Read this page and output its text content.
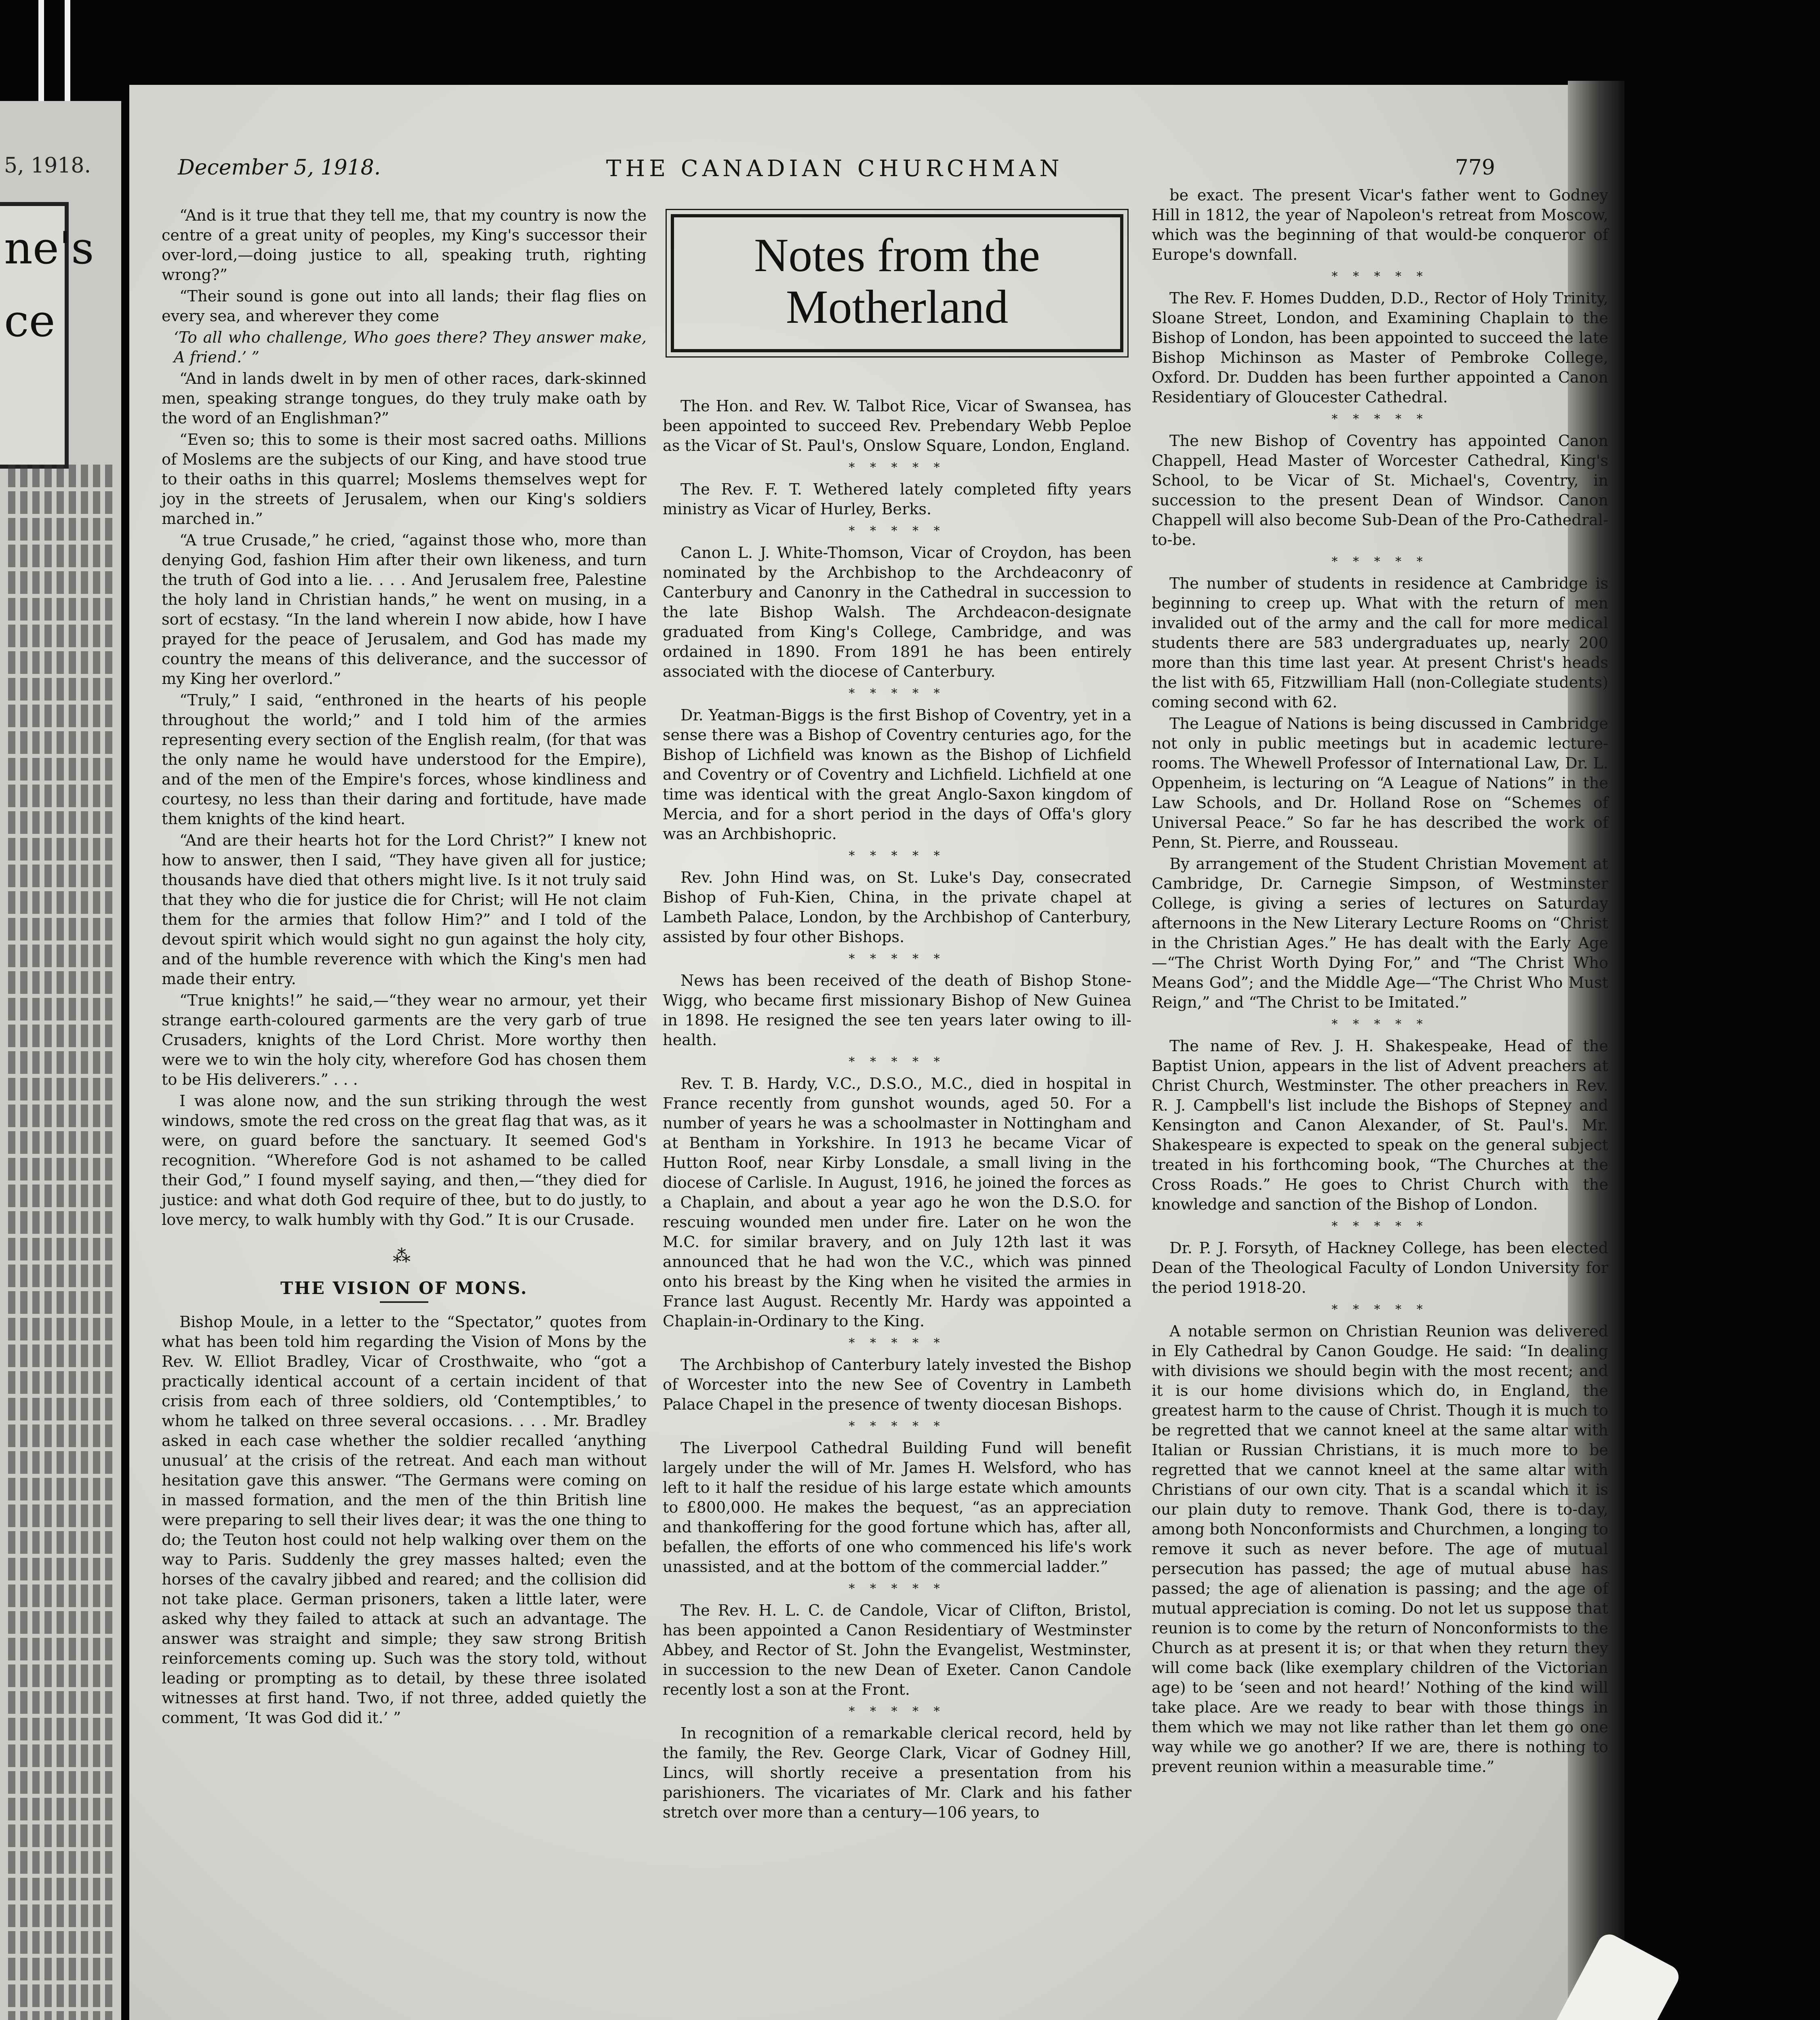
5, 1918.
ne's
ce
December 5, 1918.	THE CANADIAN CHURCHMAN	779

“And is it true that they tell me, that my country is now the centre of a great unity of peoples, my King's successor their over-lord,—doing justice to all, speaking truth, righting wrong?”

“Their sound is gone out into all lands; their flag flies on every sea, and wherever they come

‘To all who challenge, Who goes there? They answer make, A friend.’ ”

“And in lands dwelt in by men of other races, dark-skinned men, speaking strange tongues, do they truly make oath by the word of an Englishman?”

“Even so; this to some is their most sacred oaths. Millions of Moslems are the subjects of our King, and have stood true to their oaths in this quarrel; Moslems themselves wept for joy in the streets of Jerusalem, when our King's soldiers marched in.”

“A true Crusade,” he cried, “against those who, more than denying God, fashion Him after their own likeness, and turn the truth of God into a lie. . . . And Jerusalem free, Palestine the holy land in Christian hands,” he went on musing, in a sort of ecstasy. “In the land wherein I now abide, how I have prayed for the peace of Jerusalem, and God has made my country the means of this deliverance, and the successor of my King her overlord.”

“Truly,” I said, “enthroned in the hearts of his people throughout the world;” and I told him of the armies representing every section of the English realm, (for that was the only name he would have understood for the Empire), and of the men of the Empire's forces, whose kindliness and courtesy, no less than their daring and fortitude, have made them knights of the kind heart.

“And are their hearts hot for the Lord Christ?” I knew not how to answer, then I said, “They have given all for justice; thousands have died that others might live. Is it not truly said that they who die for justice die for Christ; will He not claim them for the armies that follow Him?” and I told of the devout spirit which would sight no gun against the holy city, and of the humble reverence with which the King's men had made their entry.

“True knights!” he said,—“they wear no armour, yet their strange earth-coloured garments are the very garb of true Crusaders, knights of the Lord Christ. More worthy then were we to win the holy city, wherefore God has chosen them to be His deliverers.” . . .

I was alone now, and the sun striking through the west windows, smote the red cross on the great flag that was, as it were, on guard before the sanctuary. It seemed God's recognition. “Wherefore God is not ashamed to be called their God,” I found myself saying, and then,—“they died for justice: and what doth God require of thee, but to do justly, to love mercy, to walk humbly with thy God.” It is our Crusade.

⁂
THE VISION OF MONS.

Bishop Moule, in a letter to the “Spectator,” quotes from what has been told him regarding the Vision of Mons by the Rev. W. Elliot Bradley, Vicar of Crosthwaite, who “got a practically identical account of a certain incident of that crisis from each of three soldiers, old ‘Contemptibles,’ to whom he talked on three several occasions. . . . Mr. Bradley asked in each case whether the soldier recalled ‘anything unusual’ at the crisis of the retreat. And each man without hesitation gave this answer. “The Germans were coming on in massed formation, and the men of the thin British line were preparing to sell their lives dear; it was the one thing to do; the Teuton host could not help walking over them on the way to Paris. Suddenly the grey masses halted; even the horses of the cavalry jibbed and reared; and the collision did not take place. German prisoners, taken a little later, were asked why they failed to attack at such an advantage. The answer was straight and simple; they saw strong British reinforcements coming up. Such was the story told, without leading or prompting as to detail, by these three isolated witnesses at first hand. Two, if not three, added quietly the comment, ‘It was God did it.’ ”

Notes from the
Motherland

The Hon. and Rev. W. Talbot Rice, Vicar of Swansea, has been appointed to succeed Rev. Prebendary Webb Peploe as the Vicar of St. Paul's, Onslow Square, London, England.

* * * * *

The Rev. F. T. Wethered lately completed fifty years ministry as Vicar of Hurley, Berks.

* * * * *

Canon L. J. White-Thomson, Vicar of Croydon, has been nominated by the Archbishop to the Archdeaconry of Canterbury and Canonry in the Cathedral in succession to the late Bishop Walsh. The Archdeacon-designate graduated from King's College, Cambridge, and was ordained in 1890. From 1891 he has been entirely associated with the diocese of Canterbury.

* * * * *

Dr. Yeatman-Biggs is the first Bishop of Coventry, yet in a sense there was a Bishop of Coventry centuries ago, for the Bishop of Lichfield was known as the Bishop of Lichfield and Coventry or of Coventry and Lichfield. Lichfield at one time was identical with the great Anglo-Saxon kingdom of Mercia, and for a short period in the days of Offa's glory was an Archbishopric.

* * * * *

Rev. John Hind was, on St. Luke's Day, consecrated Bishop of Fuh-Kien, China, in the private chapel at Lambeth Palace, London, by the Archbishop of Canterbury, assisted by four other Bishops.

* * * * *

News has been received of the death of Bishop Stone-Wigg, who became first missionary Bishop of New Guinea in 1898. He resigned the see ten years later owing to ill-health.

* * * * *

Rev. T. B. Hardy, V.C., D.S.O., M.C., died in hospital in France recently from gunshot wounds, aged 50. For a number of years he was a schoolmaster in Nottingham and at Bentham in Yorkshire. In 1913 he became Vicar of Hutton Roof, near Kirby Lonsdale, a small living in the diocese of Carlisle. In August, 1916, he joined the forces as a Chaplain, and about a year ago he won the D.S.O. for rescuing wounded men under fire. Later on he won the M.C. for similar bravery, and on July 12th last it was announced that he had won the V.C., which was pinned onto his breast by the King when he visited the armies in France last August. Recently Mr. Hardy was appointed a Chaplain-in-Ordinary to the King.

* * * * *

The Archbishop of Canterbury lately invested the Bishop of Worcester into the new See of Coventry in Lambeth Palace Chapel in the presence of twenty diocesan Bishops.

* * * * *

The Liverpool Cathedral Building Fund will benefit largely under the will of Mr. James H. Welsford, who has left to it half the residue of his large estate which amounts to £800,000. He makes the bequest, “as an appreciation and thankoffering for the good fortune which has, after all, befallen, the efforts of one who commenced his life's work unassisted, and at the bottom of the commercial ladder.”

* * * * *

The Rev. H. L. C. de Candole, Vicar of Clifton, Bristol, has been appointed a Canon Residentiary of Westminster Abbey, and Rector of St. John the Evangelist, Westminster, in succession to the new Dean of Exeter. Canon Candole recently lost a son at the Front.

* * * * *

In recognition of a remarkable clerical record, held by the family, the Rev. George Clark, Vicar of Godney Hill, Lincs, will shortly receive a presentation from his parishioners. The vicariates of Mr. Clark and his father stretch over more than a century—106 years, to

be exact. The present Vicar's father went to Godney Hill in 1812, the year of Napoleon's retreat from Moscow, which was the beginning of that would-be conqueror of Europe's downfall.

* * * * *

The Rev. F. Homes Dudden, D.D., Rector of Holy Trinity, Sloane Street, London, and Examining Chaplain to the Bishop of London, has been appointed to succeed the late Bishop Michinson as Master of Pembroke College, Oxford. Dr. Dudden has been further appointed a Canon Residentiary of Gloucester Cathedral.

* * * * *

The new Bishop of Coventry has appointed Canon Chappell, Head Master of Worcester Cathedral, King's School, to be Vicar of St. Michael's, Coventry, in succession to the present Dean of Windsor. Canon Chappell will also become Sub-Dean of the Pro-Cathedral-to-be.

* * * * *

The number of students in residence at Cambridge is beginning to creep up. What with the return of men invalided out of the army and the call for more medical students there are 583 undergraduates up, nearly 200 more than this time last year. At present Christ's heads the list with 65, Fitzwilliam Hall (non-Collegiate students) coming second with 62.

The League of Nations is being discussed in Cambridge not only in public meetings but in academic lecture-rooms. The Whewell Professor of International Law, Dr. L. Oppenheim, is lecturing on “A League of Nations” in the Law Schools, and Dr. Holland Rose on “Schemes of Universal Peace.” So far he has described the work of Penn, St. Pierre, and Rousseau.

By arrangement of the Student Christian Movement at Cambridge, Dr. Carnegie Simpson, of Westminster College, is giving a series of lectures on Saturday afternoons in the New Literary Lecture Rooms on “Christ in the Christian Ages.” He has dealt with the Early Age—“The Christ Worth Dying For,” and “The Christ Who Means God”; and the Middle Age—“The Christ Who Must Reign,” and “The Christ to be Imitated.”

* * * * *

The name of Rev. J. H. Shakespeake, Head of the Baptist Union, appears in the list of Advent preachers at Christ Church, Westminster. The other preachers in Rev. R. J. Campbell's list include the Bishops of Stepney and Kensington and Canon Alexander, of St. Paul's. Mr. Shakespeare is expected to speak on the general subject treated in his forthcoming book, “The Churches at the Cross Roads.” He goes to Christ Church with the knowledge and sanction of the Bishop of London.

* * * * *

Dr. P. J. Forsyth, of Hackney College, has been elected Dean of the Theological Faculty of London University for the period 1918-20.

* * * * *

A notable sermon on Christian Reunion was delivered in Ely Cathedral by Canon Goudge. He said: “In dealing with divisions we should begin with the most recent; and it is our home divisions which do, in England, the greatest harm to the cause of Christ. Though it is much to be regretted that we cannot kneel at the same altar with Italian or Russian Christians, it is much more to be regretted that we cannot kneel at the same altar with Christians of our own city. That is a scandal which it is our plain duty to remove. Thank God, there is to-day, among both Nonconformists and Churchmen, a longing to remove it such as never before. The age of mutual persecution has passed; the age of mutual abuse has passed; the age of alienation is passing; and the age of mutual appreciation is coming. Do not let us suppose that reunion is to come by the return of Nonconformists to the Church as at present it is; or that when they return they will come back (like exemplary children of the Victorian age) to be ‘seen and not heard!’ Nothing of the kind will take place. Are we ready to bear with those things in them which we may not like rather than let them go one way while we go another? If we are, there is nothing to prevent reunion within a measurable time.”
